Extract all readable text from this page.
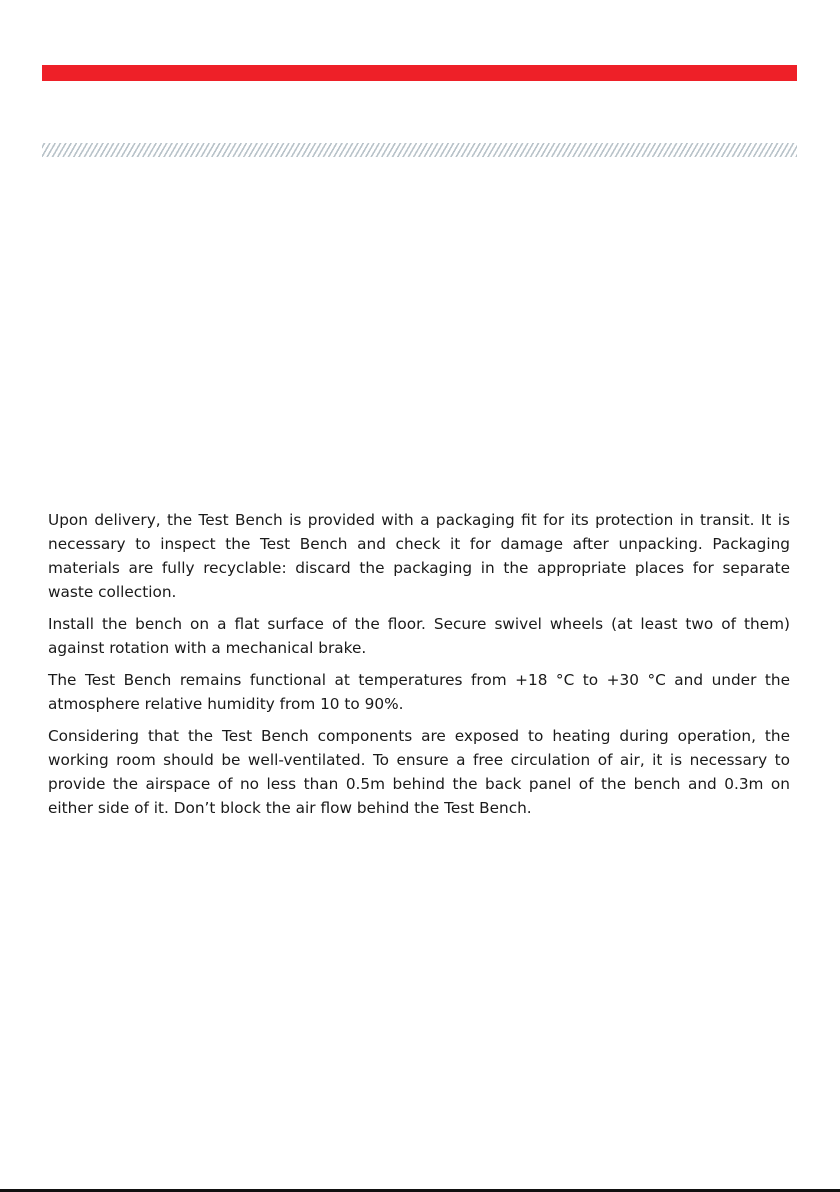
Upon delivery, the Test Bench is provided with a packaging fit for its protection in transit. It is necessary to inspect the Test Bench and check it for damage after unpacking. Packaging materials are fully recyclable: discard the packaging in the appropriate places for separate waste collection.

Install the bench on a flat surface of the floor. Secure swivel wheels (at least two of them) against rotation with a mechanical brake.

The Test Bench remains functional at temperatures from +18 °C to +30 °C and under the atmosphere relative humidity from 10 to 90%.

Considering that the Test Bench components are exposed to heating during operation, the working room should be well-ventilated. To ensure a free circulation of air, it is necessary to provide the airspace of no less than 0.5m behind the back panel of the bench and 0.3m on either side of it. Don’t block the air flow behind the Test Bench.
